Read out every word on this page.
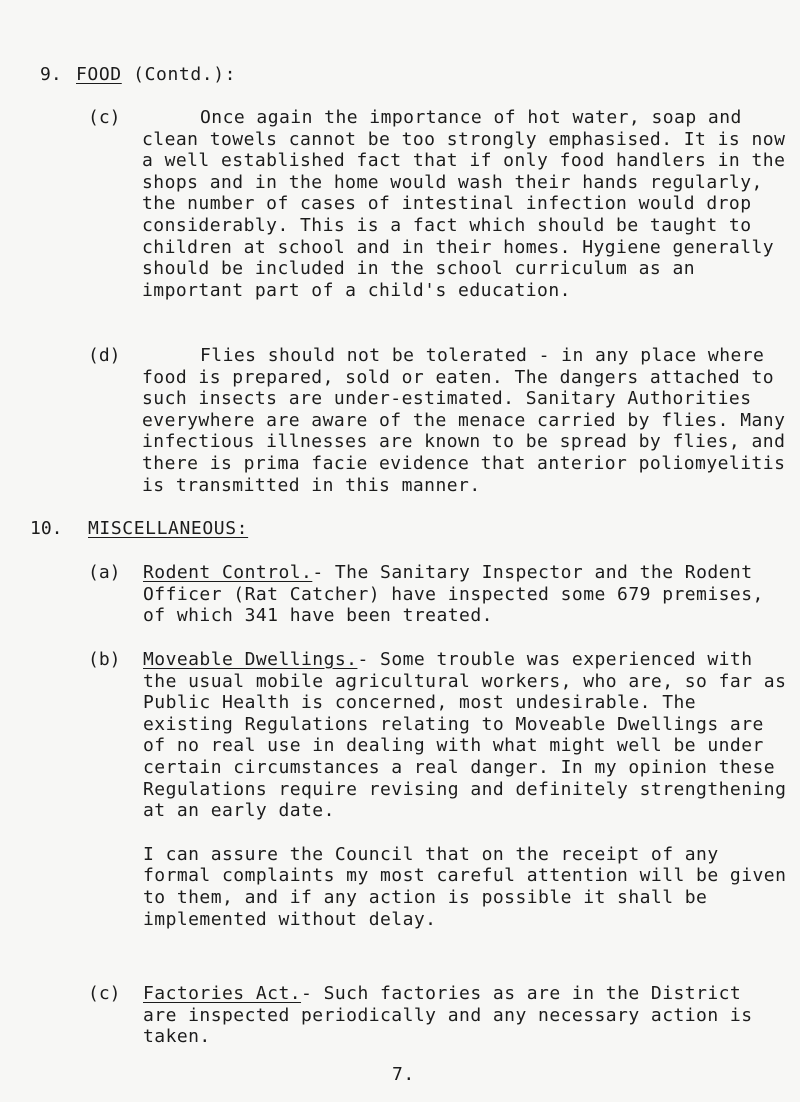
9. FOOD (Contd.):
(c)	Once again the importance of hot water, soap and clean towels cannot be too strongly emphasised. It is now a well established fact that if only food handlers in the shops and in the home would wash their hands regularly, the number of cases of intestinal infection would drop considerably. This is a fact which should be taught to children at school and in their homes. Hygiene generally should be included in the school curriculum as an important part of a child's education.

(d)	Flies should not be tolerated - in any place where food is prepared, sold or eaten. The dangers attached to such insects are under-estimated. Sanitary Authorities everywhere are aware of the menace carried by flies. Many infectious illnesses are known to be spread by flies, and there is prima facie evidence that anterior poliomyelitis is transmitted in this manner.

10. MISCELLANEOUS:
(a) Rodent Control.- The Sanitary Inspector and the Rodent Officer (Rat Catcher) have inspected some 679 premises, of which 341 have been treated.

(b) Moveable Dwellings.- Some trouble was experienced with the usual mobile agricultural workers, who are, so far as Public Health is concerned, most undesirable. The existing Regulations relating to Moveable Dwellings are of no real use in dealing with what might well be under certain circumstances a real danger. In my opinion these Regulations require revising and definitely strengthening at an early date.

I can assure the Council that on the receipt of any formal complaints my most careful attention will be given to them, and if any action is possible it shall be implemented without delay.

(c) Factories Act.- Such factories as are in the District are inspected periodically and any necessary action is taken.

7.
